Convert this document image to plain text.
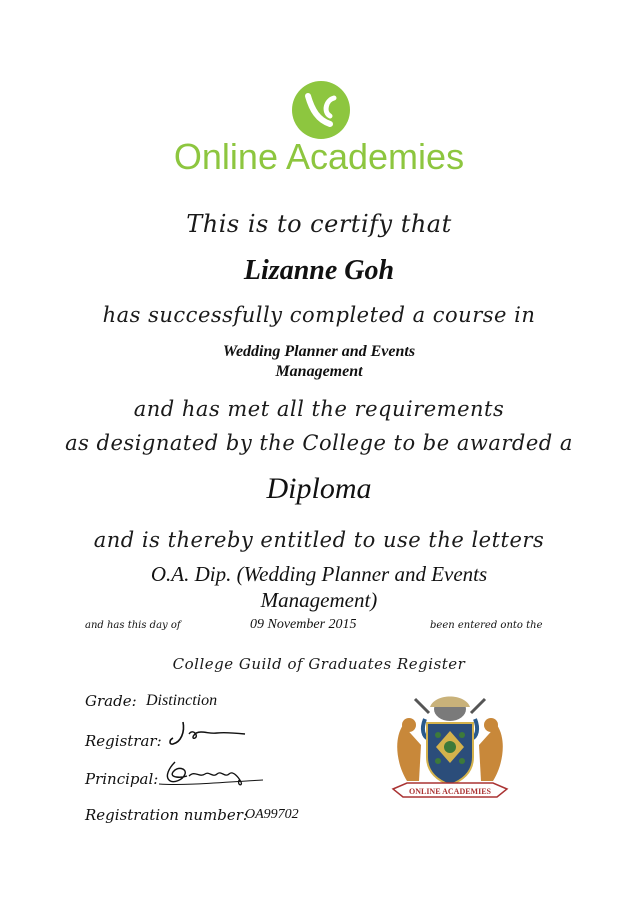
Online Academies
This is to certify that
Lizanne Goh
has successfully completed a course in
Wedding Planner and Events
Management
and has met all the requirements
as designated by the College to be awarded a
Diploma
and is thereby entitled to use the letters
O.A. Dip. (Wedding Planner and Events
Management)
and has this day of	09 November 2015	been entered onto the
College Guild of Graduates Register
Grade: Distinction
Registrar:
Principal:
Registration number:
OA99702
ONLINE ACADEMIES
